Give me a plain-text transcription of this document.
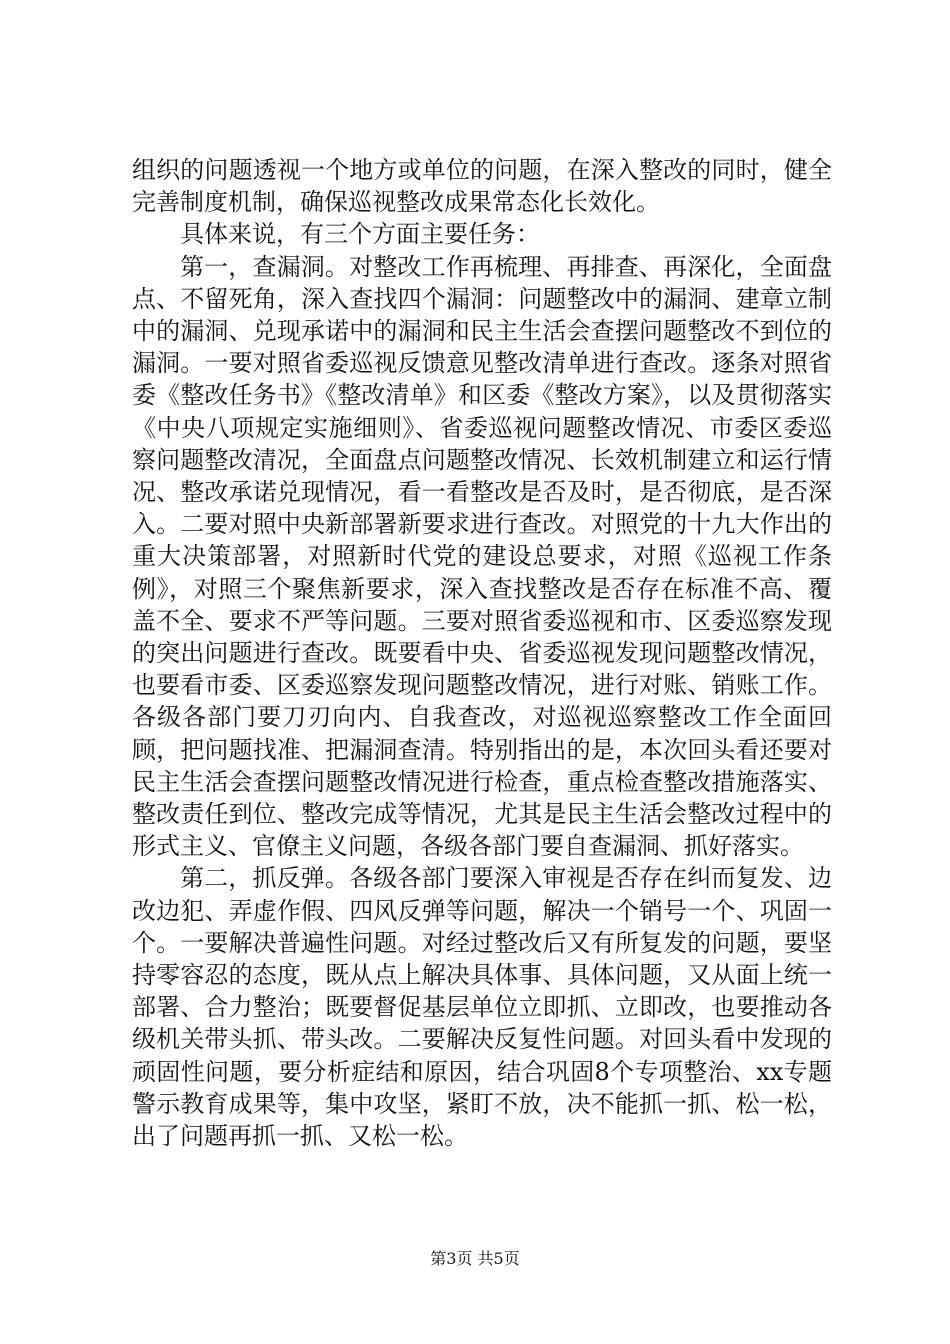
组织的问题透视一个地方或单位的问题，在深入整改的同时，健全完善制度机制，确保巡视整改成果常态化长效化。

具体来说，有三个方面主要任务：

第一，查漏洞。对整改工作再梳理、再排查、再深化，全面盘点、不留死角，深入查找四个漏洞：问题整改中的漏洞、建章立制中的漏洞、兑现承诺中的漏洞和民主生活会查摆问题整改不到位的漏洞。一要对照省委巡视反馈意见整改清单进行查改。逐条对照省委《整改任务书》《整改清单》和区委《整改方案》，以及贯彻落实《中央八项规定实施细则》、省委巡视问题整改情况、市委区委巡察问题整改清况，全面盘点问题整改情况、长效机制建立和运行情况、整改承诺兑现情况，看一看整改是否及时，是否彻底，是否深入。二要对照中央新部署新要求进行查改。对照党的十九大作出的重大决策部署，对照新时代党的建设总要求，对照《巡视工作条例》，对照三个聚焦新要求，深入查找整改是否存在标准不高、覆盖不全、要求不严等问题。三要对照省委巡视和市、区委巡察发现的突出问题进行查改。既要看中央、省委巡视发现问题整改情况，也要看市委、区委巡察发现问题整改情况，进行对账、销账工作。各级各部门要刀刃向内、自我查改，对巡视巡察整改工作全面回顾，把问题找准、把漏洞查清。特别指出的是，本次回头看还要对民主生活会查摆问题整改情况进行检查，重点检查整改措施落实、整改责任到位、整改完成等情况，尤其是民主生活会整改过程中的形式主义、官僚主义问题，各级各部门要自查漏洞、抓好落实。

第二，抓反弹。各级各部门要深入审视是否存在纠而复发、边改边犯、弄虚作假、四风反弹等问题，解决一个销号一个、巩固一个。一要解决普遍性问题。对经过整改后又有所复发的问题，要坚持零容忍的态度，既从点上解决具体事、具体问题，又从面上统一部署、合力整治；既要督促基层单位立即抓、立即改，也要推动各级机关带头抓、带头改。二要解决反复性问题。对回头看中发现的顽固性问题，要分析症结和原因，结合巩固8个专项整治、xx专题警示教育成果等，集中攻坚，紧盯不放，决不能抓一抓、松一松，出了问题再抓一抓、又松一松。

第3页 共5页
